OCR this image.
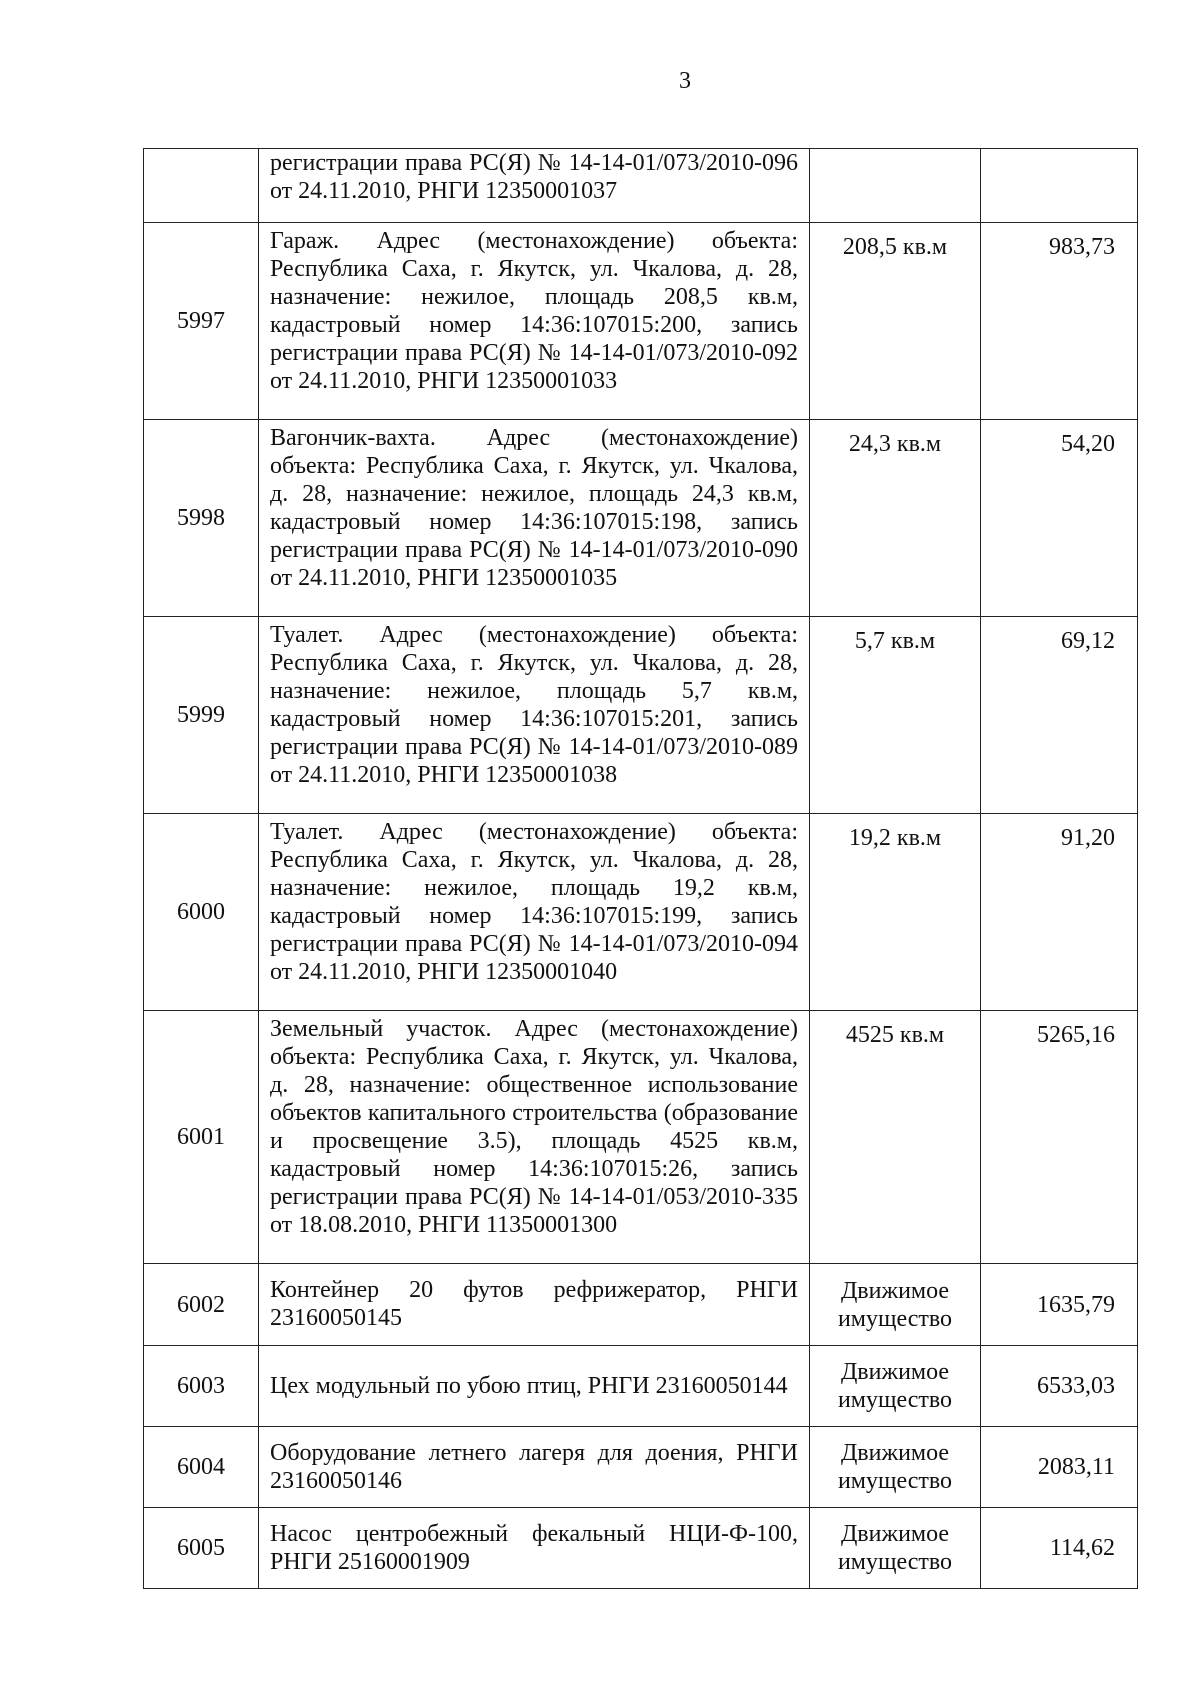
3
	регистрации права РС(Я) № 14-14-01/073/2010-096 от 24.11.2010, РНГИ 12350001037		
5997	Гараж. Адрес (местонахождение) объекта: Республика Саха, г. Якутск, ул. Чкалова, д. 28, назначение: нежилое, площадь 208,5 кв.м, кадастровый номер 14:36:107015:200, запись регистрации права РС(Я) № 14-14-01/073/2010-092 от 24.11.2010, РНГИ 12350001033	208,5 кв.м	983,73
5998	Вагончик-вахта. Адрес (местонахождение) объекта: Республика Саха, г. Якутск, ул. Чкалова, д. 28, назначение: нежилое, площадь 24,3 кв.м, кадастровый номер 14:36:107015:198, запись регистрации права РС(Я) № 14-14-01/073/2010-090 от 24.11.2010, РНГИ 12350001035	24,3 кв.м	54,20
5999	Туалет. Адрес (местонахождение) объекта: Республика Саха, г. Якутск, ул. Чкалова, д. 28, назначение: нежилое, площадь 5,7 кв.м, кадастровый номер 14:36:107015:201, запись регистрации права РС(Я) № 14-14-01/073/2010-089 от 24.11.2010, РНГИ 12350001038	5,7 кв.м	69,12
6000	Туалет. Адрес (местонахождение) объекта: Республика Саха, г. Якутск, ул. Чкалова, д. 28, назначение: нежилое, площадь 19,2 кв.м, кадастровый номер 14:36:107015:199, запись регистрации права РС(Я) № 14-14-01/073/2010-094 от 24.11.2010, РНГИ 12350001040	19,2 кв.м	91,20
6001	Земельный участок. Адрес (местонахождение) объекта: Республика Саха, г. Якутск, ул. Чкалова, д. 28, назначение: общественное использование объектов капитального строительства (образование и просвещение 3.5), площадь 4525 кв.м, кадастровый номер 14:36:107015:26, запись регистрации права РС(Я) № 14-14-01/053/2010-335 от 18.08.2010, РНГИ 11350001300	4525 кв.м	5265,16
6002	Контейнер 20 футов рефрижератор, РНГИ 23160050145	Движимое имущество	1635,79
6003	Цех модульный по убою птиц, РНГИ 23160050144	Движимое имущество	6533,03
6004	Оборудование летнего лагеря для доения, РНГИ 23160050146	Движимое имущество	2083,11
6005	Насос центробежный фекальный НЦИ-Ф-100, РНГИ 25160001909	Движимое имущество	114,62
